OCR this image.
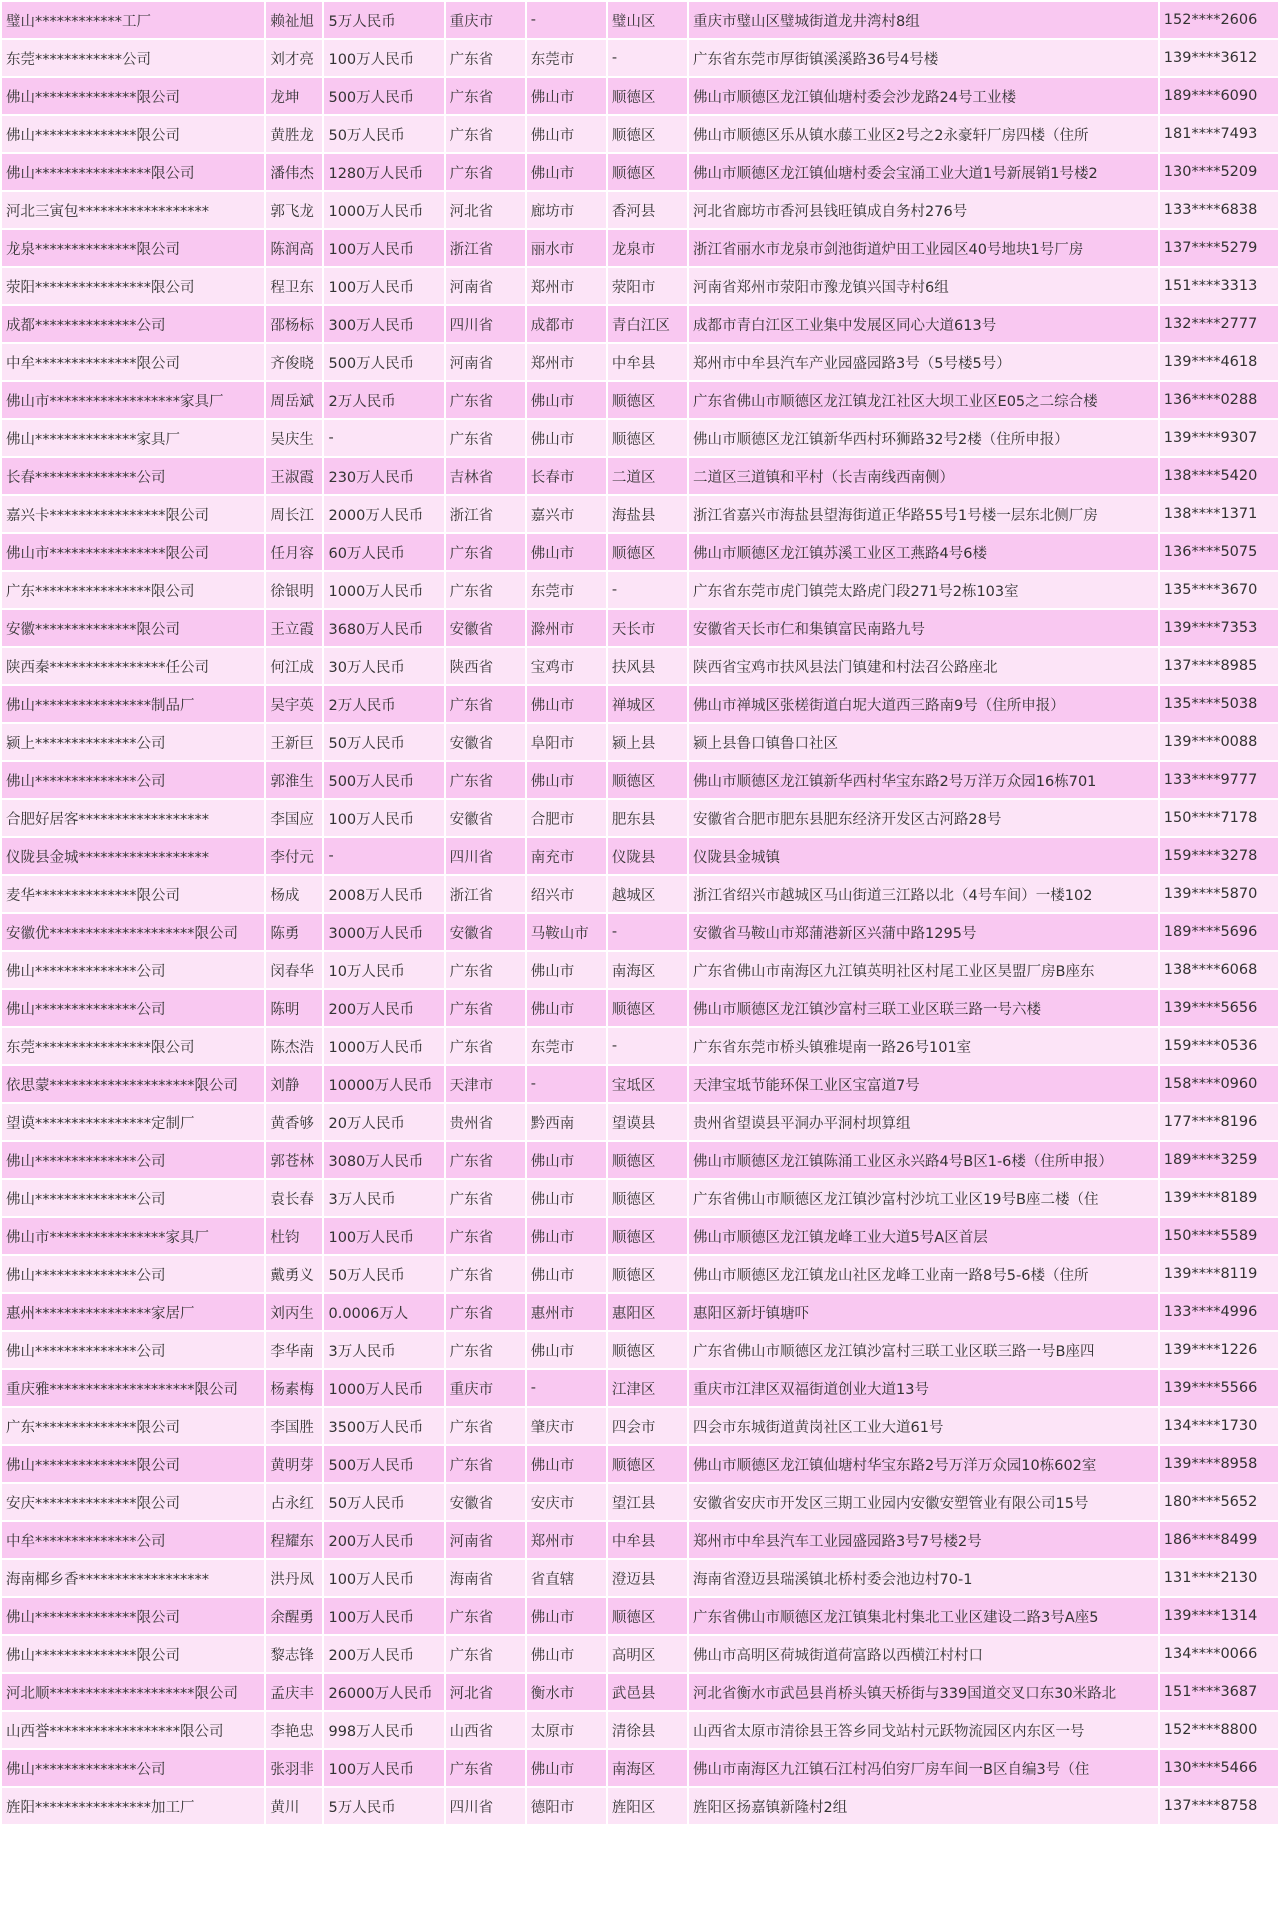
璧山************工厂	赖祉旭	5万人民币	重庆市	-	璧山区	重庆市璧山区璧城街道龙井湾村8组	152****2606
东莞************公司	刘才亮	100万人民币	广东省	东莞市	-	广东省东莞市厚街镇溪溪路36号4号楼	139****3612
佛山**************限公司	龙坤	500万人民币	广东省	佛山市	顺德区	佛山市顺德区龙江镇仙塘村委会沙龙路24号工业楼	189****6090
佛山**************限公司	黄胜龙	50万人民币	广东省	佛山市	顺德区	佛山市顺德区乐从镇水藤工业区2号之2永豪轩厂房四楼（住所	181****7493
佛山****************限公司	潘伟杰	1280万人民币	广东省	佛山市	顺德区	佛山市顺德区龙江镇仙塘村委会宝涌工业大道1号新展销1号楼2	130****5209
河北三寅包******************	郭飞龙	1000万人民币	河北省	廊坊市	香河县	河北省廊坊市香河县钱旺镇成自务村276号	133****6838
龙泉**************限公司	陈润高	100万人民币	浙江省	丽水市	龙泉市	浙江省丽水市龙泉市剑池街道炉田工业园区40号地块1号厂房	137****5279
荥阳****************限公司	程卫东	100万人民币	河南省	郑州市	荥阳市	河南省郑州市荥阳市豫龙镇兴国寺村6组	151****3313
成都**************公司	邵杨标	300万人民币	四川省	成都市	青白江区	成都市青白江区工业集中发展区同心大道613号	132****2777
中牟**************限公司	齐俊晓	500万人民币	河南省	郑州市	中牟县	郑州市中牟县汽车产业园盛园路3号（5号楼5号）	139****4618
佛山市******************家具厂	周岳斌	2万人民币	广东省	佛山市	顺德区	广东省佛山市顺德区龙江镇龙江社区大坝工业区E05之二综合楼	136****0288
佛山**************家具厂	吴庆生	-	广东省	佛山市	顺德区	佛山市顺德区龙江镇新华西村环狮路32号2楼（住所申报）	139****9307
长春**************公司	王淑霞	230万人民币	吉林省	长春市	二道区	二道区三道镇和平村（长吉南线西南侧）	138****5420
嘉兴卡****************限公司	周长江	2000万人民币	浙江省	嘉兴市	海盐县	浙江省嘉兴市海盐县望海街道正华路55号1号楼一层东北侧厂房	138****1371
佛山市****************限公司	任月容	60万人民币	广东省	佛山市	顺德区	佛山市顺德区龙江镇苏溪工业区工燕路4号6楼	136****5075
广东****************限公司	徐银明	1000万人民币	广东省	东莞市	-	广东省东莞市虎门镇莞太路虎门段271号2栋103室	135****3670
安徽**************限公司	王立霞	3680万人民币	安徽省	滁州市	天长市	安徽省天长市仁和集镇富民南路九号	139****7353
陕西秦****************任公司	何江成	30万人民币	陕西省	宝鸡市	扶风县	陕西省宝鸡市扶风县法门镇建和村法召公路座北	137****8985
佛山****************制品厂	吴宇英	2万人民币	广东省	佛山市	禅城区	佛山市禅城区张槎街道白坭大道西三路南9号（住所申报）	135****5038
颍上**************公司	王新巨	50万人民币	安徽省	阜阳市	颍上县	颍上县鲁口镇鲁口社区	139****0088
佛山**************公司	郭淮生	500万人民币	广东省	佛山市	顺德区	佛山市顺德区龙江镇新华西村华宝东路2号万洋万众园16栋701	133****9777
合肥好居客******************	李国应	100万人民币	安徽省	合肥市	肥东县	安徽省合肥市肥东县肥东经济开发区古河路28号	150****7178
仪陇县金城******************	李付元	-	四川省	南充市	仪陇县	仪陇县金城镇	159****3278
麦华**************限公司	杨成	2008万人民币	浙江省	绍兴市	越城区	浙江省绍兴市越城区马山街道三江路以北（4号车间）一楼102	139****5870
安徽优********************限公司	陈勇	3000万人民币	安徽省	马鞍山市	-	安徽省马鞍山市郑蒲港新区兴蒲中路1295号	189****5696
佛山**************公司	闵春华	10万人民币	广东省	佛山市	南海区	广东省佛山市南海区九江镇英明社区村尾工业区昊盟厂房B座东	138****6068
佛山**************公司	陈明	200万人民币	广东省	佛山市	顺德区	佛山市顺德区龙江镇沙富村三联工业区联三路一号六楼	139****5656
东莞****************限公司	陈杰浩	1000万人民币	广东省	东莞市	-	广东省东莞市桥头镇雅堤南一路26号101室	159****0536
依思蒙********************限公司	刘静	10000万人民币	天津市	-	宝坻区	天津宝坻节能环保工业区宝富道7号	158****0960
望谟****************定制厂	黄香够	20万人民币	贵州省	黔西南	望谟县	贵州省望谟县平洞办平洞村坝算组	177****8196
佛山**************公司	郭苍林	3080万人民币	广东省	佛山市	顺德区	佛山市顺德区龙江镇陈涌工业区永兴路4号B区1-6楼（住所申报）	189****3259
佛山**************公司	袁长春	3万人民币	广东省	佛山市	顺德区	广东省佛山市顺德区龙江镇沙富村沙坑工业区19号B座二楼（住	139****8189
佛山市****************家具厂	杜钧	100万人民币	广东省	佛山市	顺德区	佛山市顺德区龙江镇龙峰工业大道5号A区首层	150****5589
佛山**************公司	戴勇义	50万人民币	广东省	佛山市	顺德区	佛山市顺德区龙江镇龙山社区龙峰工业南一路8号5-6楼（住所	139****8119
惠州****************家居厂	刘丙生	0.0006万人	广东省	惠州市	惠阳区	惠阳区新圩镇塘吓	133****4996
佛山**************公司	李华南	3万人民币	广东省	佛山市	顺德区	广东省佛山市顺德区龙江镇沙富村三联工业区联三路一号B座四	139****1226
重庆雅********************限公司	杨素梅	1000万人民币	重庆市	-	江津区	重庆市江津区双福街道创业大道13号	139****5566
广东**************限公司	李国胜	3500万人民币	广东省	肇庆市	四会市	四会市东城街道黄岗社区工业大道61号	134****1730
佛山**************限公司	黄明芽	500万人民币	广东省	佛山市	顺德区	佛山市顺德区龙江镇仙塘村华宝东路2号万洋万众园10栋602室	139****8958
安庆**************限公司	占永红	50万人民币	安徽省	安庆市	望江县	安徽省安庆市开发区三期工业园内安徽安塑管业有限公司15号	180****5652
中牟**************公司	程耀东	200万人民币	河南省	郑州市	中牟县	郑州市中牟县汽车工业园盛园路3号7号楼2号	186****8499
海南椰乡香******************	洪丹凤	100万人民币	海南省	省直辖	澄迈县	海南省澄迈县瑞溪镇北桥村委会池边村70-1	131****2130
佛山**************限公司	余醒勇	100万人民币	广东省	佛山市	顺德区	广东省佛山市顺德区龙江镇集北村集北工业区建设二路3号A座5	139****1314
佛山**************限公司	黎志锋	200万人民币	广东省	佛山市	高明区	佛山市高明区荷城街道荷富路以西横江村村口	134****0066
河北顺********************限公司	孟庆丰	26000万人民币	河北省	衡水市	武邑县	河北省衡水市武邑县肖桥头镇天桥街与339国道交叉口东30米路北	151****3687
山西誉******************限公司	李艳忠	998万人民币	山西省	太原市	清徐县	山西省太原市清徐县王答乡同戈站村元跃物流园区内东区一号	152****8800
佛山**************公司	张羽非	100万人民币	广东省	佛山市	南海区	佛山市南海区九江镇石江村冯伯穷厂房车间一B区自编3号（住	130****5466
旌阳****************加工厂	黄川	5万人民币	四川省	德阳市	旌阳区	旌阳区扬嘉镇新隆村2组	137****8758
